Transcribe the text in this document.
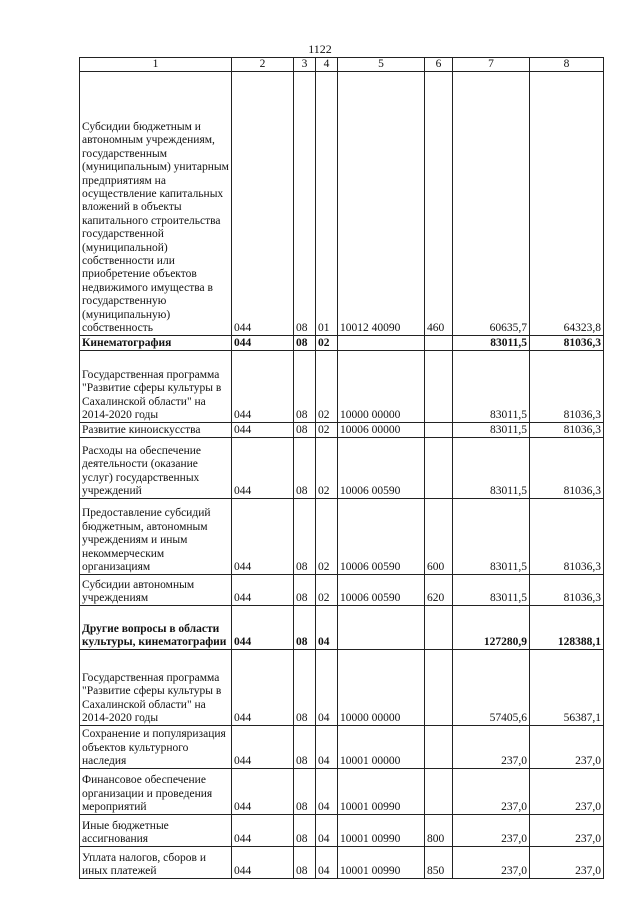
1122
1	2	3	4	5	6	7	8
Субсидии бюджетным и автономным учреждениям, государственным (муниципальным) унитарным предприятиям на осуществление капитальных вложений в объекты капитального строительства государственной (муниципальной) собственности или приобретение объектов недвижимого имущества в государственную (муниципальную) собственность	044	08	01	10012 40090	460	60635,7	64323,8
Кинематография	044	08	02			83011,5	81036,3
Государственная программа "Развитие сферы культуры в Сахалинской области" на 2014-2020 годы	044	08	02	10000 00000		83011,5	81036,3
Развитие киноискусства	044	08	02	10006 00000		83011,5	81036,3
Расходы на обеспечение деятельности (оказание услуг) государственных учреждений	044	08	02	10006 00590		83011,5	81036,3
Предоставление субсидий бюджетным, автономным учреждениям и иным некоммерческим организациям	044	08	02	10006 00590	600	83011,5	81036,3
Субсидии автономным учреждениям	044	08	02	10006 00590	620	83011,5	81036,3
Другие вопросы в области культуры, кинематографии	044	08	04			127280,9	128388,1
Государственная программа "Развитие сферы культуры в Сахалинской области" на 2014-2020 годы	044	08	04	10000 00000		57405,6	56387,1
Сохранение и популяризация объектов культурного наследия	044	08	04	10001 00000		237,0	237,0
Финансовое обеспечение организации и проведения мероприятий	044	08	04	10001 00990		237,0	237,0
Иные бюджетные ассигнования	044	08	04	10001 00990	800	237,0	237,0
Уплата налогов, сборов и иных платежей	044	08	04	10001 00990	850	237,0	237,0
